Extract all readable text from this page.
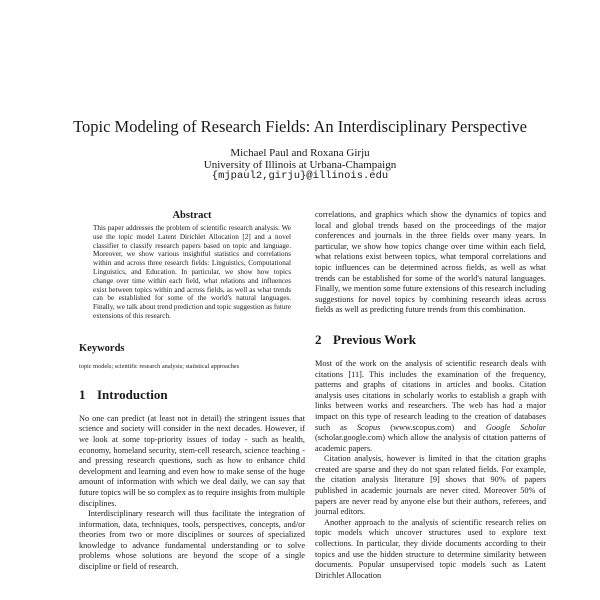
Topic Modeling of Research Fields: An Interdisciplinary Perspective
Michael Paul and Roxana Girju
University of Illinois at Urbana-Champaign
{mjpaul2,girju}@illinois.edu
Abstract

This paper addresses the problem of scientific research analysis. We use the topic model Latent Dirichlet Allocation [2] and a novel classifier to classify research papers based on topic and language. Moreover, we show various insightful statistics and correlations within and across three research fields: Linguistics, Computational Linguistics, and Education. In particular, we show how topics change over time within each field, what relations and influences exist between topics within and across fields, as well as what trends can be established for some of the world's natural languages. Finally, we talk about trend prediction and topic suggestion as future extensions of this research.

Keywords

topic models; scientific research analysis; statistical approaches

1 Introduction

No one can predict (at least not in detail) the stringent issues that science and society will consider in the next decades. However, if we look at some top-priority issues of today - such as health, economy, homeland security, stem-cell research, science teaching - and pressing research questions, such as how to enhance child development and learning and even how to make sense of the huge amount of information with which we deal daily, we can say that future topics will be so complex as to require insights from multiple disciplines.

Interdisciplinary research will thus facilitate the integration of information, data, techniques, tools, perspectives, concepts, and/or theories from two or more disciplines or sources of specialized knowledge to advance fundamental understanding or to solve problems whose solutions are beyond the scope of a single discipline or field of research.

correlations, and graphics which show the dynamics of topics and local and global trends based on the proceedings of the major conferences and journals in the three fields over many years. In particular, we show how topics change over time within each field, what relations exist between topics, what temporal correlations and topic influences can be determined across fields, as well as what trends can be established for some of the world's natural languages. Finally, we mention some future extensions of this research including suggestions for novel topics by combining research ideas across fields as well as predicting future trends from this combination.

2 Previous Work

Most of the work on the analysis of scientific research deals with citations [11]. This includes the examination of the frequency, patterns and graphs of citations in articles and books. Citation analysis uses citations in scholarly works to establish a graph with links between works and researchers. The web has had a major impact on this type of research leading to the creation of databases such as Scopus (www.scopus.com) and Google Scholar (scholar.google.com) which allow the analysis of citation patterns of academic papers.

Citation analysis, however is limited in that the citation graphs created are sparse and they do not span related fields. For example, the citation analysis literature [9] shows that 90% of papers published in academic journals are never cited. Moreover 50% of papers are never read by anyone else but their authors, referees, and journal editors.

Another approach to the analysis of scientific research relies on topic models which uncover structures used to explore text collections. In particular, they divide documents according to their topics and use the hidden structure to determine similarity between documents. Popular unsupervised topic models such as Latent Dirichlet Allocation
